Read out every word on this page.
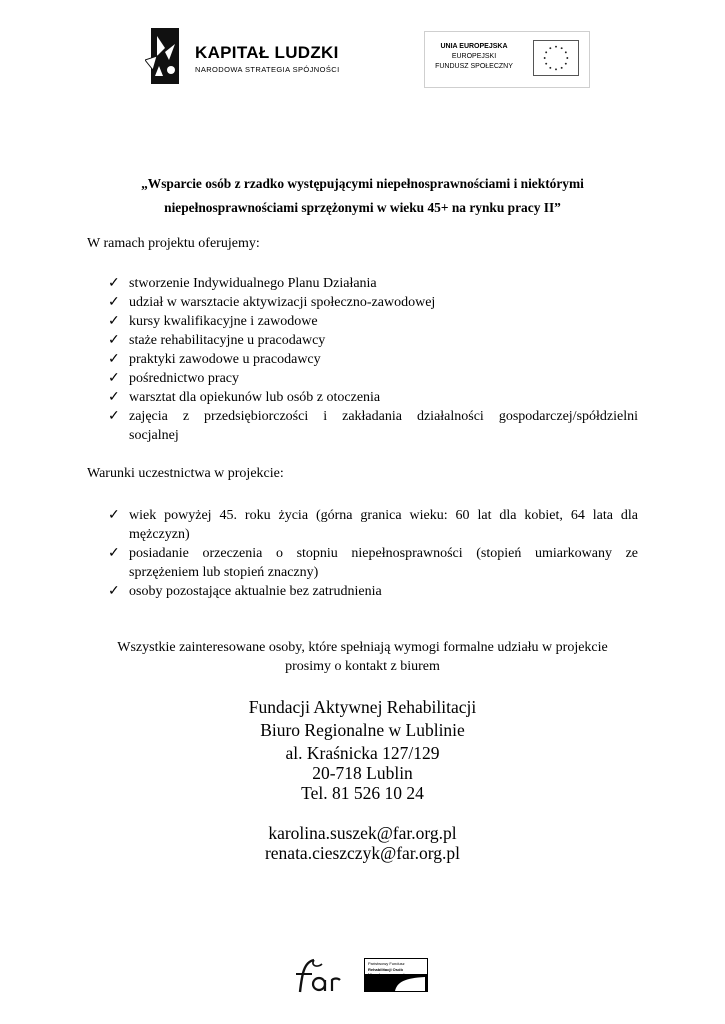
KAPITAŁ LUDZKI
NARODOWA STRATEGIA SPÓJNOŚCI
UNIA EUROPEJSKA
EUROPEJSKI
FUNDUSZ SPOŁECZNY
„Wsparcie osób z rzadko występującymi niepełnosprawnościami i niektórymi
niepełnosprawnościami sprzężonymi w wieku 45+ na rynku pracy II”
W ramach projektu oferujemy:
✓ stworzenie Indywidualnego Planu Działania
✓ udział w warsztacie aktywizacji społeczno-zawodowej
✓ kursy kwalifikacyjne i zawodowe
✓ staże rehabilitacyjne u pracodawcy
✓ praktyki zawodowe u pracodawcy
✓ pośrednictwo pracy
✓ warsztat dla opiekunów lub osób z otoczenia
✓ zajęcia z przedsiębiorczości i zakładania działalności gospodarczej/spółdzielni
socjalnej
Warunki uczestnictwa w projekcie:
✓ wiek powyżej 45. roku życia (górna granica wieku: 60 lat dla kobiet, 64 lata dla
mężczyzn)
✓ posiadanie orzeczenia o stopniu niepełnosprawności (stopień umiarkowany ze
sprzężeniem lub stopień znaczny)
✓ osoby pozostające aktualnie bez zatrudnienia
Wszystkie zainteresowane osoby, które spełniają wymogi formalne udziału w projekcie
prosimy o kontakt z biurem
Fundacji Aktywnej Rehabilitacji
Biuro Regionalne w Lublinie
al. Kraśnicka 127/129
20-718 Lublin
Tel. 81 526 10 24
karolina.suszek@far.org.pl
renata.cieszczyk@far.org.pl
Państwowy Fundusz
Rehabilitacji Osób
